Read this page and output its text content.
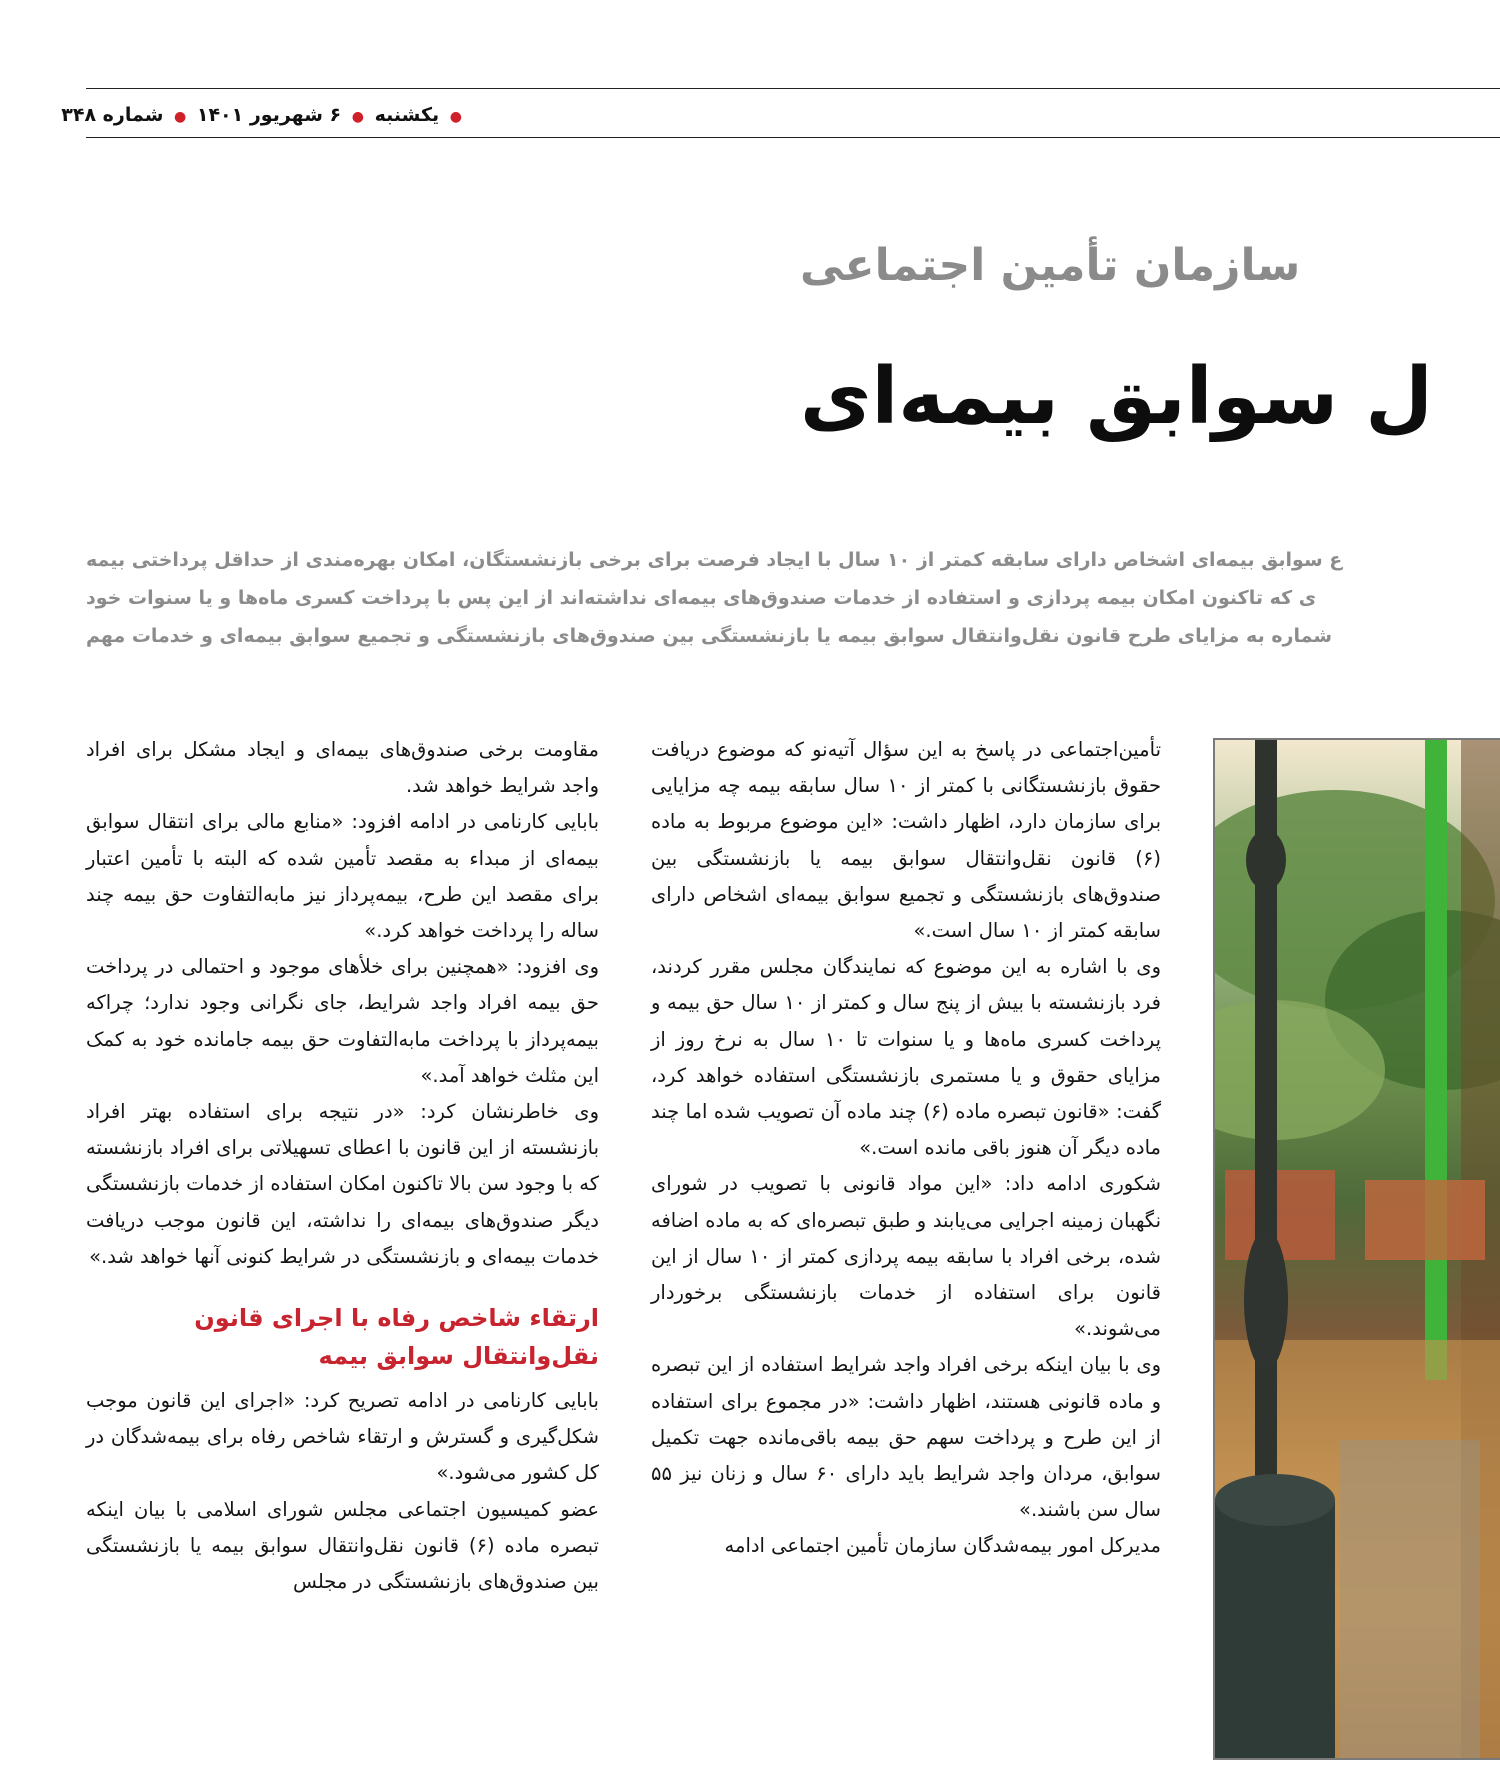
● یکشنبه ● ۶ شهریور ۱۴۰۱ ● شماره ۳۴۸
سازمان تأمین اجتماعی
ل سوابق بیمه‌ای
ع سوابق بیمه‌ای اشخاص دارای سابقه کمتر از ۱۰ سال با ایجاد فرصت برای برخی بازنشستگان، امکان بهره‌مندی از حداقل پرداختی بیمه
ی که تاکنون امکان بیمه پردازی و استفاده از خدمات صندوق‌های بیمه‌ای نداشته‌اند از این پس با پرداخت کسری ماه‌ها و یا سنوات خود
شماره به مزایای طرح قانون نقل‌وانتقال سوابق بیمه یا بازنشستگی بین صندوق‌های بازنشستگی و تجمیع سوابق بیمه‌ای و خدمات مهم

تأمین‌اجتماعی در پاسخ به این سؤال آتیه‌نو که موضوع دریافت حقوق بازنشستگانی با کمتر از ۱۰ سال سابقه بیمه چه مزایایی برای سازمان دارد، اظهار داشت: «این موضوع مربوط به ماده (۶) قانون نقل‌وانتقال سوابق بیمه یا بازنشستگی بین صندوق‌های بازنشستگی و تجمیع سوابق بیمه‌ای اشخاص دارای سابقه کمتر از ۱۰ سال است.»

وی با اشاره به این موضوع که نمایندگان مجلس مقرر کردند، فرد بازنشسته با بیش از پنج سال و کمتر از ۱۰ سال حق بیمه و پرداخت کسری ماه‌ها و یا سنوات تا ۱۰ سال به نرخ روز از مزایای حقوق و یا مستمری بازنشستگی استفاده خواهد کرد، گفت: «قانون تبصره ماده (۶) چند ماده آن تصویب شده اما چند ماده دیگر آن هنوز باقی مانده است.»

شکوری ادامه داد: «این مواد قانونی با تصویب در شورای نگهبان زمینه اجرایی می‌یابند و طبق تبصره‌ای که به ماده اضافه شده، برخی افراد با سابقه بیمه پردازی کمتر از ۱۰ سال از این قانون برای استفاده از خدمات بازنشستگی برخوردار می‌شوند.»

وی با بیان اینکه برخی افراد واجد شرایط استفاده از این تبصره و ماده قانونی هستند، اظهار داشت: «در مجموع برای استفاده از این طرح و پرداخت سهم حق بیمه باقی‌مانده جهت تکمیل سوابق، مردان واجد شرایط باید دارای ۶۰ سال و زنان نیز ۵۵ سال سن باشند.»

مدیرکل امور بیمه‌شدگان سازمان تأمین اجتماعی ادامه

مقاومت برخی صندوق‌های بیمه‌ای و ایجاد مشکل برای افراد واجد شرایط خواهد شد.

بابایی کارنامی در ادامه افزود: «منابع مالی برای انتقال سوابق بیمه‌ای از مبداء به مقصد تأمین شده که البته با تأمین اعتبار برای مقصد این طرح، بیمه‌پرداز نیز مابه‌التفاوت حق بیمه چند ساله را پرداخت خواهد کرد.»

وی افزود: «همچنین برای خلأهای موجود و احتمالی در پرداخت حق بیمه افراد واجد شرایط، جای نگرانی وجود ندارد؛ چراکه بیمه‌پرداز با پرداخت مابه‌التفاوت حق بیمه جامانده خود به کمک این مثلث خواهد آمد.»

وی خاطرنشان کرد: «در نتیجه برای استفاده بهتر افراد بازنشسته از این قانون با اعطای تسهیلاتی برای افراد بازنشسته که با وجود سن بالا تاکنون امکان استفاده از خدمات بازنشستگی دیگر صندوق‌های بیمه‌ای را نداشته، این قانون موجب دریافت خدمات بیمه‌ای و بازنشستگی در شرایط کنونی آنها خواهد شد.»

ارتقاء شاخص رفاه با اجرای قانون نقل‌وانتقال سوابق بیمه

بابایی کارنامی در ادامه تصریح کرد: «اجرای این قانون موجب شکل‌گیری و گسترش و ارتقاء شاخص رفاه برای بیمه‌شدگان در کل کشور می‌شود.»

عضو کمیسیون اجتماعی مجلس شورای اسلامی با بیان اینکه تبصره ماده (۶) قانون نقل‌وانتقال سوابق بیمه یا بازنشستگی بین صندوق‌های بازنشستگی در مجلس
